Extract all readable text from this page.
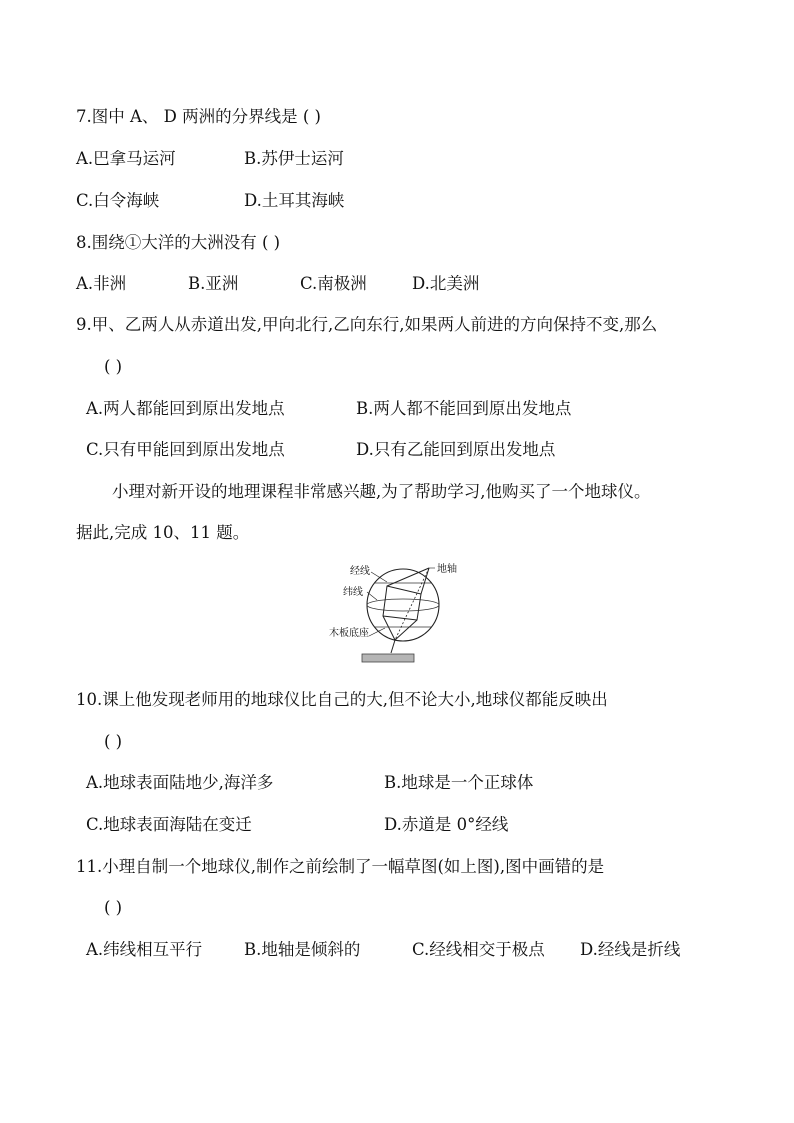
7.图中 A、 D 两洲的分界线是 ( )
A.巴拿马运河	B.苏伊士运河
C.白令海峡	D.土耳其海峡
8.围绕①大洋的大洲没有 ( )
A.非洲	B.亚洲	C.南极洲	D.北美洲
9.甲、乙两人从赤道出发,甲向北行,乙向东行,如果两人前进的方向保持不变,那么
( )
A.两人都能回到原出发地点	B.两人都不能回到原出发地点
C.只有甲能回到原出发地点	D.只有乙能回到原出发地点
小理对新开设的地理课程非常感兴趣,为了帮助学习,他购买了一个地球仪。
据此,完成 10、11 题。
经线
纬线
地轴
木板底座
10.课上他发现老师用的地球仪比自己的大,但不论大小,地球仪都能反映出
( )
A.地球表面陆地少,海洋多	B.地球是一个正球体
C.地球表面海陆在变迁	D.赤道是 0°经线
11.小理自制一个地球仪,制作之前绘制了一幅草图(如上图),图中画错的是
( )
A.纬线相互平行	B.地轴是倾斜的	C.经线相交于极点 D.经线是折线
